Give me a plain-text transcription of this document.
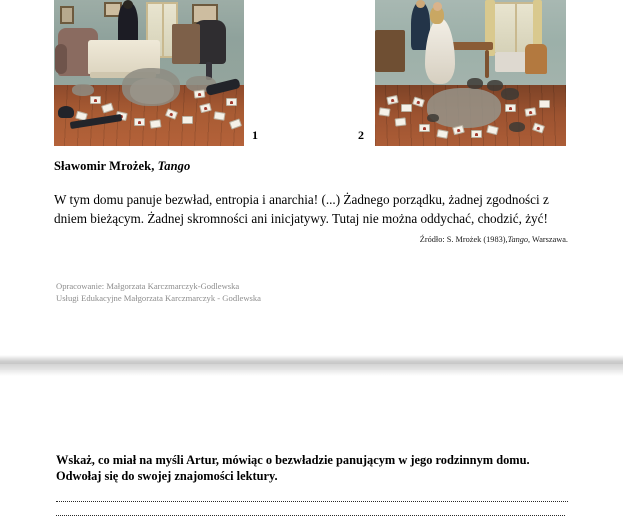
1	2
Sławomir Mrożek, Tango
W tym domu panuje bezwład, entropia i anarchia! (...) Żadnego porządku, żadnej zgodności z dniem bieżącym. Żadnej skromności ani inicjatywy. Tutaj nie można oddychać, chodzić, żyć!
Źródło: S. Mrożek (1983),Tango, Warszawa.
Opracowanie: Małgorzata Karczmarczyk-Godlewska
Usługi Edukacyjne Małgorzata Karczmarczyk - Godlewska
Wskaż, co miał na myśli Artur, mówiąc o bezwładzie panującym w jego rodzinnym domu.
Odwołaj się do swojej znajomości lektury.
